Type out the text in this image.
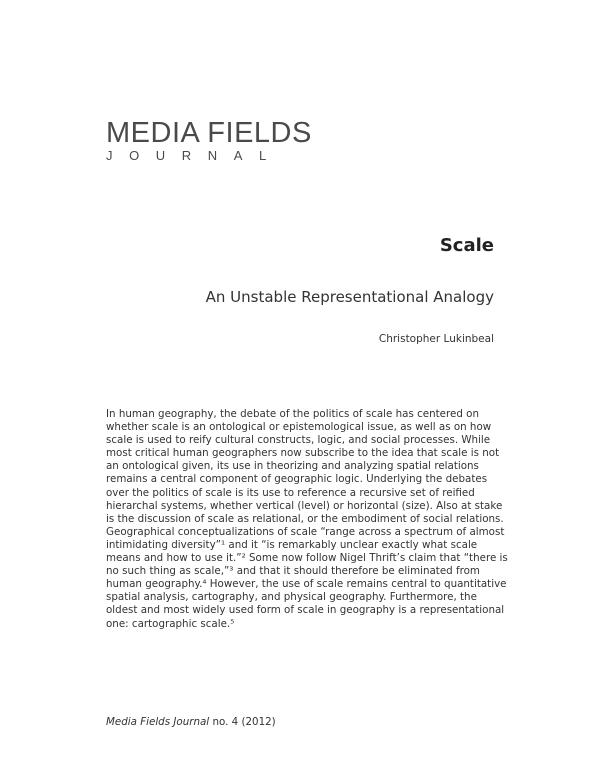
MEDIA FIELDS
JOURNAL
Scale
An Unstable Representational Analogy
Christopher Lukinbeal

In human geography, the debate of the politics of scale has centered on

whether scale is an ontological or epistemological issue, as well as on how

scale is used to reify cultural constructs, logic, and social processes. While

most critical human geographers now subscribe to the idea that scale is not

an ontological given, its use in theorizing and analyzing spatial relations

remains a central component of geographic logic. Underlying the debates

over the politics of scale is its use to reference a recursive set of reified

hierarchal systems, whether vertical (level) or horizontal (size). Also at stake

is the discussion of scale as relational, or the embodiment of social relations.

Geographical conceptualizations of scale “range across a spectrum of almost

intimidating diversity”¹ and it “is remarkably unclear exactly what scale

means and how to use it.”² Some now follow Nigel Thrift’s claim that “there is

no such thing as scale,”³ and that it should therefore be eliminated from

human geography.⁴ However, the use of scale remains central to quantitative

spatial analysis, cartography, and physical geography. Furthermore, the

oldest and most widely used form of scale in geography is a representational

one: cartographic scale.⁵

Media Fields Journal no. 4 (2012)
